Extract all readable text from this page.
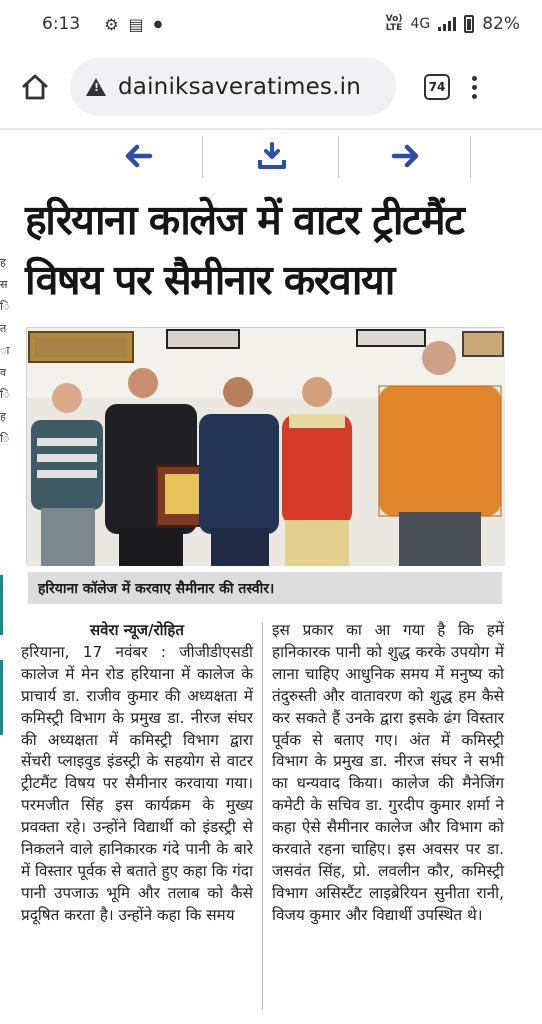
6:13 ⚙ ▤ ●	Vo)
LTE 4G	82%
!
dainiksaveratimes.in	74
ह
स
ि
त
ा
व
ि
ह
ि
हरियाना कालेज में वाटर ट्रीटमैंट विषय पर सैमीनार करवाया
हरियाना कॉलेज में करवाए सैमीनार की तस्वीर।
सवेरा न्यूज/रोहित

हरियाना, 17 नवंबर : जीजीडीएसडी कालेज में मेन रोड हरियाना में कालेज के प्राचार्य डा. राजीव कुमार की अध्यक्षता में कमिस्ट्री विभाग के प्रमुख डा. नीरज संघर की अध्यक्षता में कमिस्ट्री विभाग द्वारा सेंचरी प्लाइवुड इंडस्ट्री के सहयोग से वाटर ट्रीटमैंट विषय पर सैमीनार करवाया गया। परमजीत सिंह इस कार्यक्रम के मुख्य प्रवक्ता रहे। उन्होंने विद्यार्थी को इंडस्ट्री से निकलने वाले हानिकारक गंदे पानी के बारे में विस्तार पूर्वक से बताते हुए कहा कि गंदा पानी उपजाऊ भूमि और तलाब को कैसे प्रदूषित करता है। उन्होंने कहा कि समय

इस प्रकार का आ गया है कि हमें हानिकारक पानी को शुद्ध करके उपयोग में लाना चाहिए आधुनिक समय में मनुष्य को तंदुरुस्ती और वातावरण को शुद्ध हम कैसे कर सकते हैं उनके द्वारा इसके ढंग विस्तार पूर्वक से बताए गए। अंत में कमिस्ट्री विभाग के प्रमुख डा. नीरज संघर ने सभी का धन्यवाद किया। कालेज की मैनेजिंग कमेटी के सचिव डा. गुरदीप कुमार शर्मा ने कहा ऐसे सैमीनार कालेज और विभाग को करवाते रहना चाहिए। इस अवसर पर डा. जसवंत सिंह, प्रो. लवलीन कौर, कमिस्ट्री विभाग असिस्टैंट लाइब्रेरियन सुनीता रानी, विजय कुमार और विद्यार्थी उपस्थित थे।
